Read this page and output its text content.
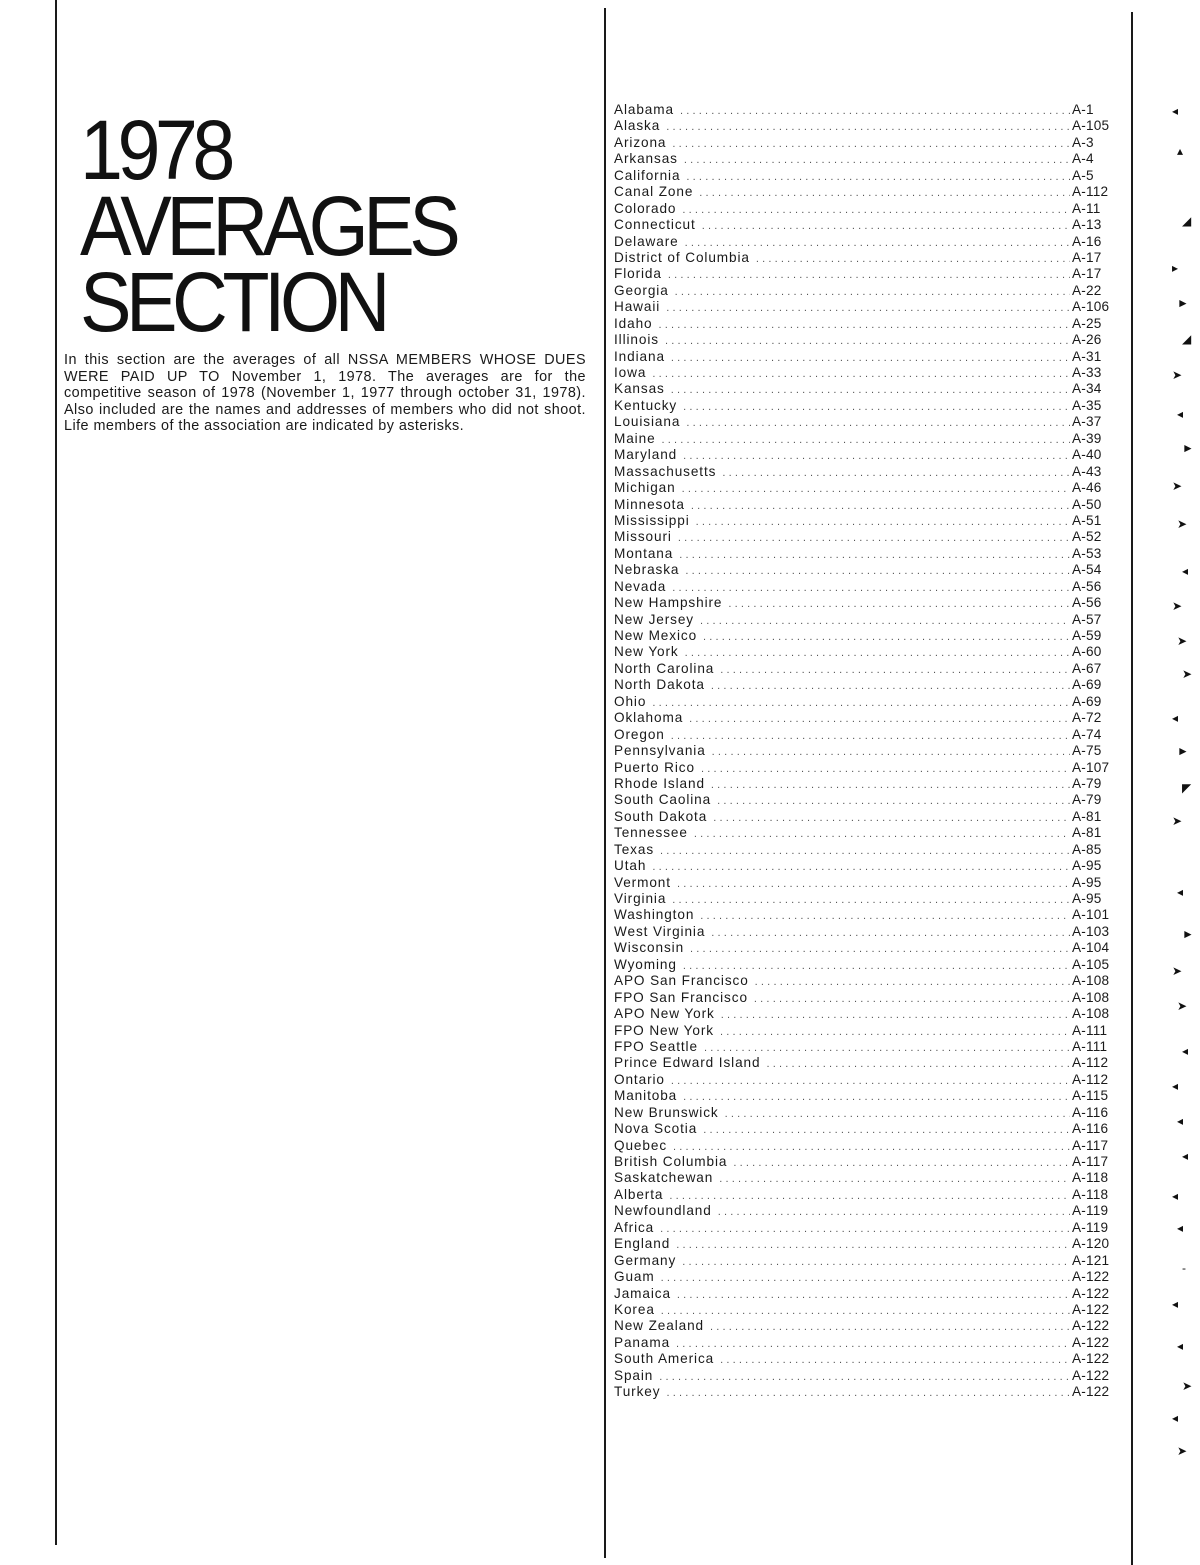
1978
AVERAGES
SECTION

In this section are the averages of all NSSA MEMBERS WHOSE DUES WERE PAID UP TO November 1, 1978. The averages are for the competitive season of 1978 (November 1, 1977 through october 31, 1978). Also included are the names and addresses of members who did not shoot. Life members of the association are indicated by asterisks.

Alabama .....	A-1
Alaska .....	A-105
Arizona .....	A-3
Arkansas .....	A-4
California .....	A-5
Canal Zone .....	A-112
Colorado .....	A-11
Connecticut .....	A-13
Delaware .....	A-16
District of Columbia .....	A-17
Florida .....	A-17
Georgia .....	A-22
Hawaii .....	A-106
Idaho .....	A-25
Illinois .....	A-26
Indiana .....	A-31
Iowa .....	A-33
Kansas .....	A-34
Kentucky .....	A-35
Louisiana .....	A-37
Maine .....	A-39
Maryland .....	A-40
Massachusetts .....	A-43
Michigan .....	A-46
Minnesota .....	A-50
Mississippi .....	A-51
Missouri .....	A-52
Montana .....	A-53
Nebraska .....	A-54
Nevada .....	A-56
New Hampshire .....	A-56
New Jersey .....	A-57
New Mexico .....	A-59
New York .....	A-60
North Carolina .....	A-67
North Dakota .....	A-69
Ohio .....	A-69
Oklahoma .....	A-72
Oregon .....	A-74
Pennsylvania .....	A-75
Puerto Rico .....	A-107
Rhode Island .....	A-79
South Caolina .....	A-79
South Dakota .....	A-81
Tennessee .....	A-81
Texas .....	A-85
Utah .....	A-95
Vermont .....	A-95
Virginia .....	A-95
Washington .....	A-101
West Virginia .....	A-103
Wisconsin .....	A-104
Wyoming .....	A-105
APO San Francisco .....	A-108
FPO San Francisco .....	A-108
APO New York .....	A-108
FPO New York .....	A-111
FPO Seattle .....	A-111
Prince Edward Island .....	A-112
Ontario .....	A-112
Manitoba .....	A-115
New Brunswick .....	A-116
Nova Scotia .....	A-116
Quebec .....	A-117
British Columbia .....	A-117
Saskatchewan .....	A-118
Alberta .....	A-118
Newfoundland .....	A-119
Africa .....	A-119
England .....	A-120
Germany .....	A-121
Guam .....	A-122
Jamaica .....	A-122
Korea .....	A-122
New Zealand .....	A-122
Panama .....	A-122
South America .....	A-122
Spain .....	A-122
Turkey .....	A-122
◂
▴
◢
▸
►
◢
➤
◂
►
➤
➤
◂
➤
➤
➤
◂
►
◤
➤
◂
►
➤
➤
◂
◂
◂
◂
◂
◂
‐
◂
◂
➤
◂
➤
